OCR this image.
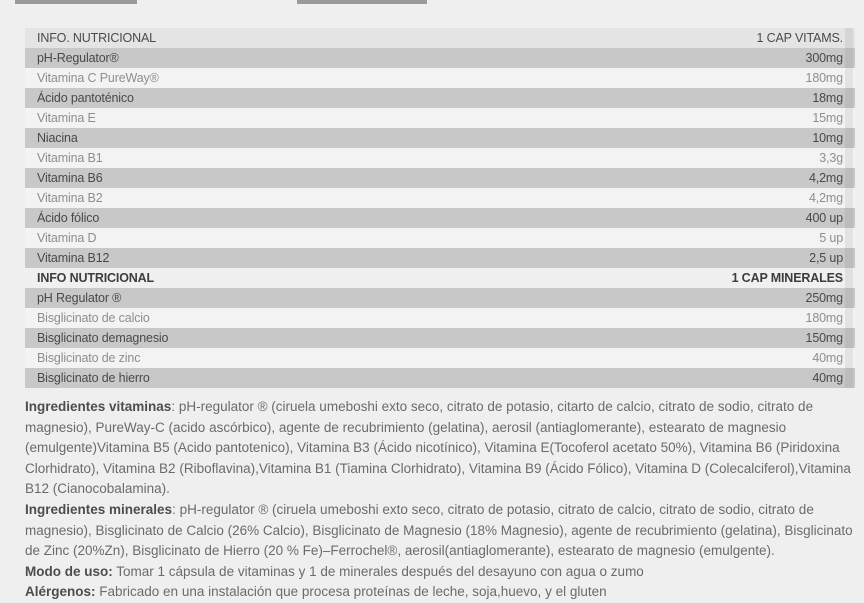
INFO. NUTRICIONAL	1 CAP VITAMS.
pH-Regulator®	300mg
Vitamina C PureWay®	180mg
Ácido pantoténico	18mg
Vitamina E	15mg
Niacina	10mg
Vitamina B1	3,3g
Vitamina B6	4,2mg
Vitamina B2	4,2mg
Ácido fólico	400 up
Vitamina D	5 up
Vitamina B12	2,5 up
INFO NUTRICIONAL	1 CAP MINERALES
pH Regulator ®	250mg
Bisglicinato de calcio	180mg
Bisglicinato demagnesio	150mg
Bisglicinato de zinc	40mg
Bisglicinato de hierro	40mg

Ingredientes vitaminas: pH-regulator ® (ciruela umeboshi exto seco, citrato de potasio, citarto de calcio, citrato de sodio, citrato de magnesio), PureWay-C (acido ascórbico), agente de recubrimiento (gelatina), aerosil (antiaglomerante), estearato de magnesio (emulgente)Vitamina B5 (Acido pantotenico), Vitamina B3 (Ácido nicotínico), Vitamina E(Tocoferol acetato 50%), Vitamina B6 (Piridoxina Clorhidrato), Vitamina B2 (Riboflavina),Vitamina B1 (Tiamina Clorhidrato), Vitamina B9 (Ácido Fólico), Vitamina D (Colecalciferol),Vitamina B12 (Cianocobalamina).

Ingredientes minerales: pH-regulator ® (ciruela umeboshi exto seco, citrato de potasio, citrato de calcio, citrato de sodio, citrato de magnesio), Bisglicinato de Calcio (26% Calcio), Bisglicinato de Magnesio (18% Magnesio), agente de recubrimiento (gelatina), Bisglicinato de Zinc (20%Zn), Bisglicinato de Hierro (20 % Fe)–Ferrochel®, aerosil(antiaglomerante), estearato de magnesio (emulgente).

Modo de uso: Tomar 1 cápsula de vitaminas y 1 de minerales después del desayuno con agua o zumo

Alérgenos: Fabricado en una instalación que procesa proteínas de leche, soja,huevo, y el gluten
